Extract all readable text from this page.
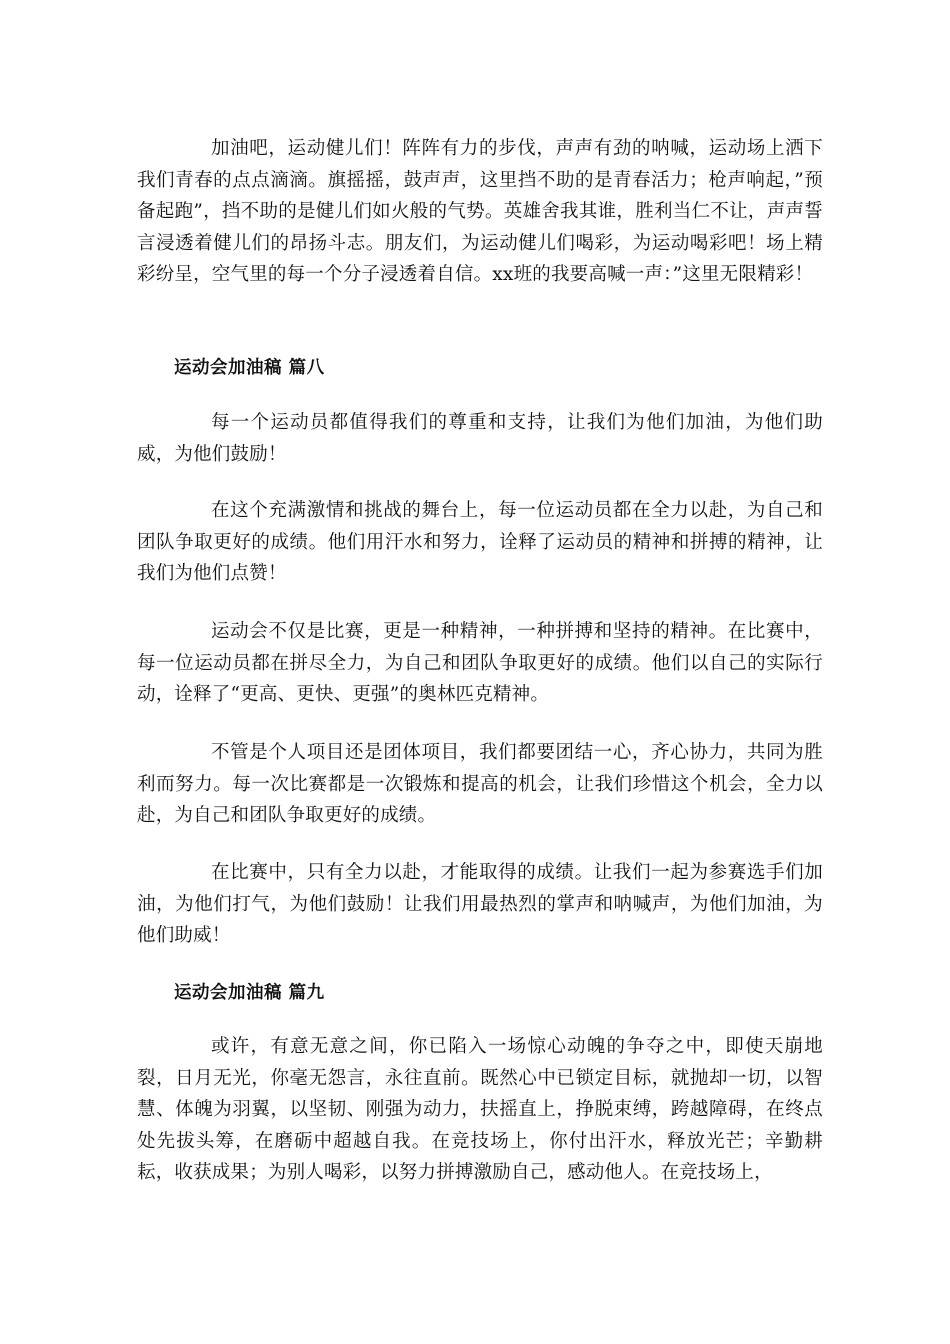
加油吧，运动健儿们！阵阵有力的步伐，声声有劲的呐喊，运动场上洒下我们青春的点点滴滴。旗摇摇，鼓声声，这里挡不助的是青春活力；枪声响起，”预备起跑”，挡不助的是健儿们如火般的气势。英雄舍我其谁，胜利当仁不让，声声誓言浸透着健儿们的昂扬斗志。朋友们，为运动健儿们喝彩，为运动喝彩吧！场上精彩纷呈，空气里的每一个分子浸透着自信。xx班的我要高喊一声：”这里无限精彩！

运动会加油稿 篇八

每一个运动员都值得我们的尊重和支持，让我们为他们加油，为他们助威，为他们鼓励！

在这个充满激情和挑战的舞台上，每一位运动员都在全力以赴，为自己和团队争取更好的成绩。他们用汗水和努力，诠释了运动员的精神和拼搏的精神，让我们为他们点赞！

运动会不仅是比赛，更是一种精神，一种拼搏和坚持的精神。在比赛中，每一位运动员都在拼尽全力，为自己和团队争取更好的成绩。他们以自己的实际行动，诠释了“更高、更快、更强”的奥林匹克精神。

不管是个人项目还是团体项目，我们都要团结一心，齐心协力，共同为胜利而努力。每一次比赛都是一次锻炼和提高的机会，让我们珍惜这个机会，全力以赴，为自己和团队争取更好的成绩。

在比赛中，只有全力以赴，才能取得的成绩。让我们一起为参赛选手们加油，为他们打气，为他们鼓励！让我们用最热烈的掌声和呐喊声，为他们加油，为他们助威！

运动会加油稿 篇九

或许，有意无意之间，你已陷入一场惊心动魄的争夺之中，即使天崩地裂，日月无光，你毫无怨言，永往直前。既然心中已锁定目标，就抛却一切，以智慧、体魄为羽翼，以坚韧、刚强为动力，扶摇直上，挣脱束缚，跨越障碍，在终点处先拔头筹，在磨砺中超越自我。在竞技场上，你付出汗水，释放光芒；辛勤耕耘，收获成果；为别人喝彩，以努力拼搏激励自己，感动他人。在竞技场上，
